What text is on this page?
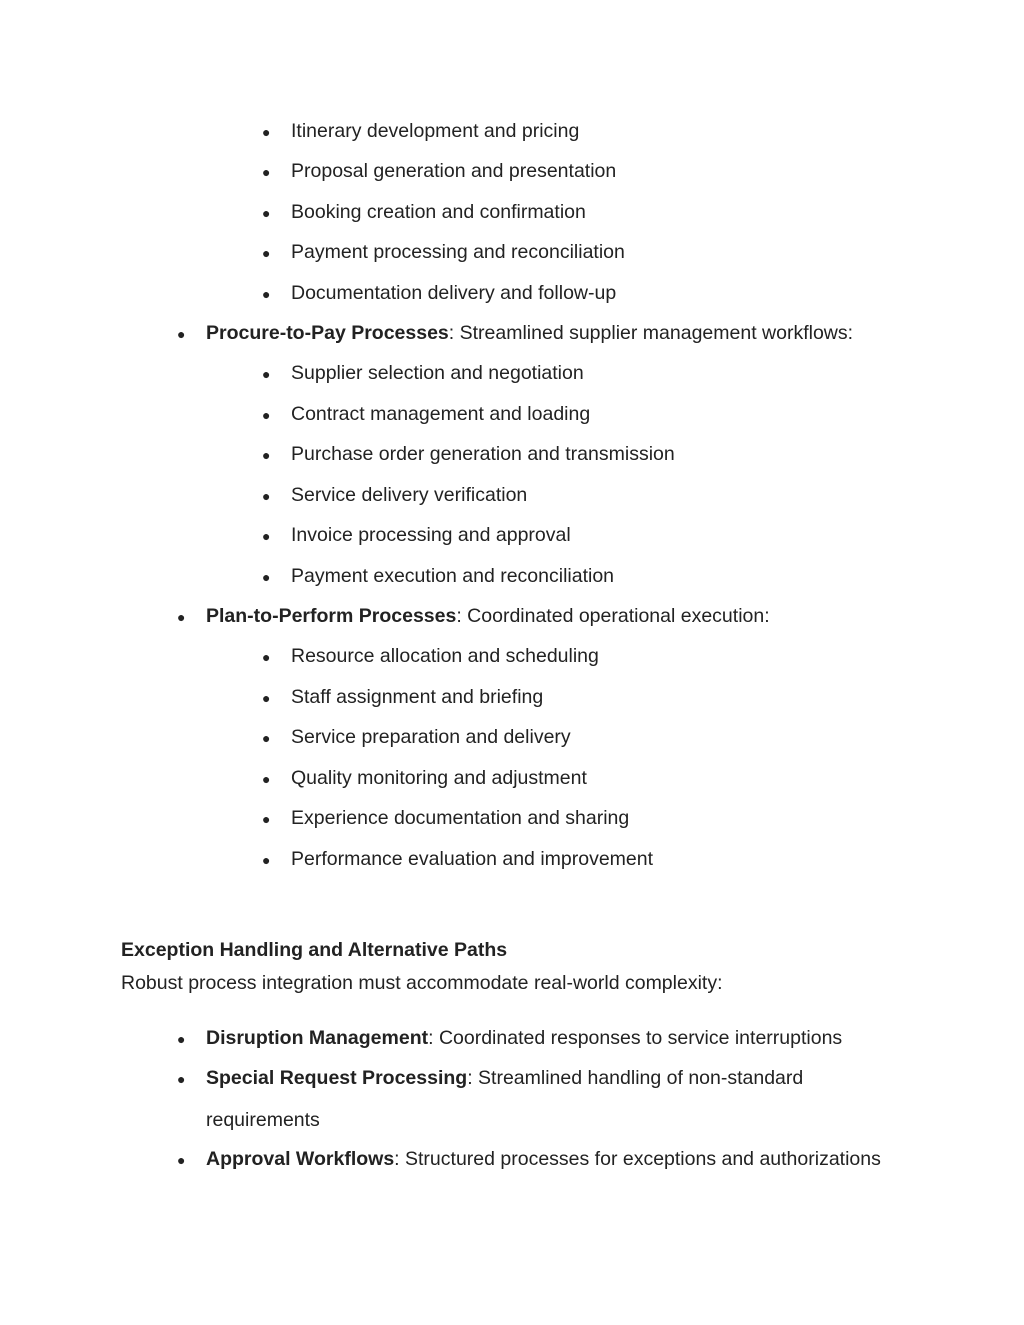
● Itinerary development and pricing
● Proposal generation and presentation
● Booking creation and confirmation
● Payment processing and reconciliation
● Documentation delivery and follow-up
● Procure-to-Pay Processes: Streamlined supplier management workflows:
● Supplier selection and negotiation
● Contract management and loading
● Purchase order generation and transmission
● Service delivery verification
● Invoice processing and approval
● Payment execution and reconciliation
● Plan-to-Perform Processes: Coordinated operational execution:
● Resource allocation and scheduling
● Staff assignment and briefing
● Service preparation and delivery
● Quality monitoring and adjustment
● Experience documentation and sharing
● Performance evaluation and improvement
Exception Handling and Alternative Paths
Robust process integration must accommodate real-world complexity:
● Disruption Management: Coordinated responses to service interruptions
● Special Request Processing: Streamlined handling of non-standard
requirements
● Approval Workflows: Structured processes for exceptions and authorizations
